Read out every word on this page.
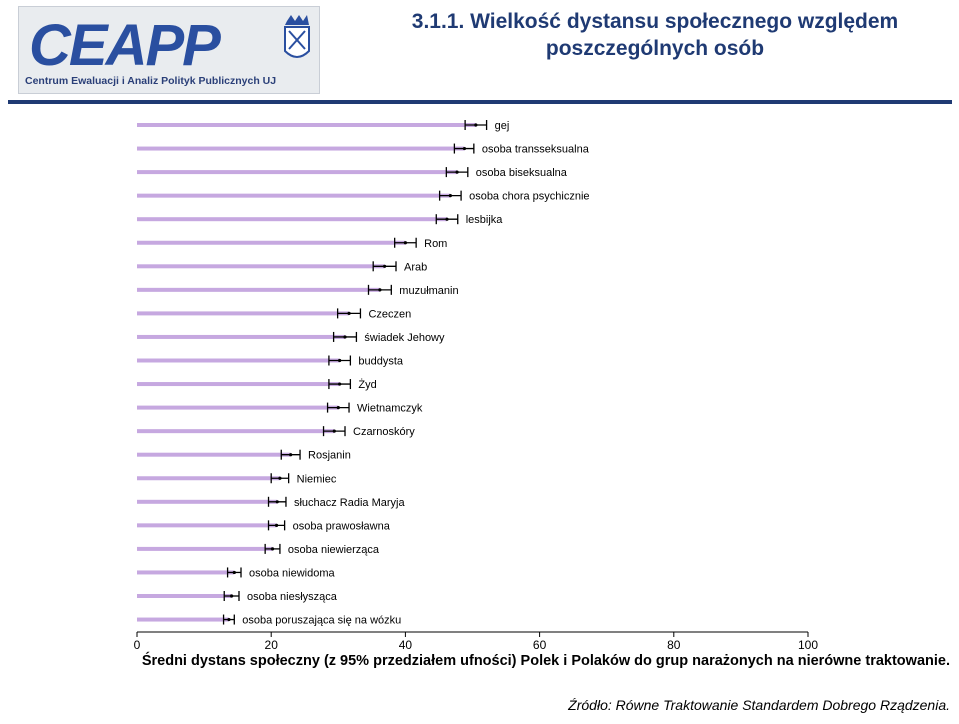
CEAPP
Centrum Ewaluacji i Analiz Polityk Publicznych UJ
3.1.1. Wielkość dystansu społecznego względem
poszczególnych osób
gej
osoba transseksualna
osoba biseksualna
osoba chora psychicznie
lesbijka
Rom
Arab
muzułmanin
Czeczen
świadek Jehowy
buddysta
Żyd
Wietnamczyk
Czarnoskóry
Rosjanin
Niemiec
słuchacz Radia Maryja
osoba prawosławna
osoba niewierząca
osoba niewidoma
osoba niesłysząca
osoba poruszająca się na wózku
0	20	40	60	80	100
Średni dystans społeczny (z 95% przedziałem ufności) Polek i Polaków do grup narażonych na nierówne traktowanie.
Źródło: Równe Traktowanie Standardem Dobrego Rządzenia.
